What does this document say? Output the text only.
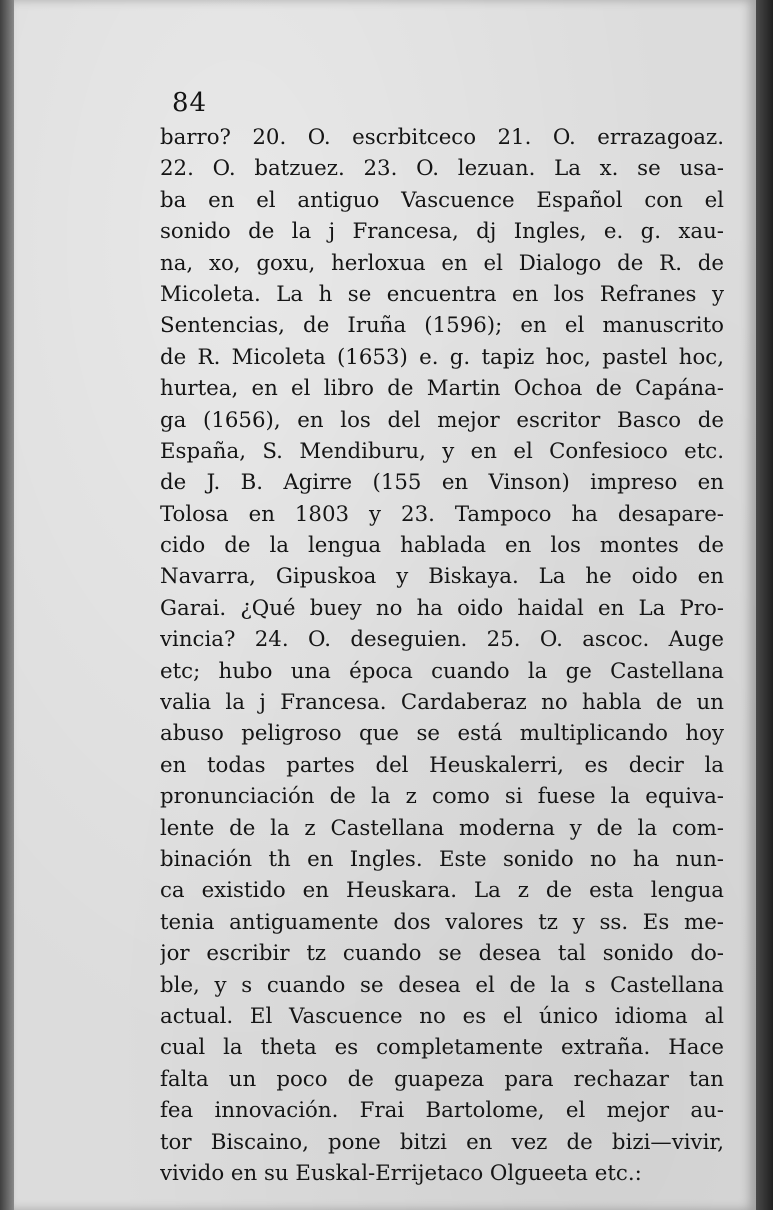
84
barro? 20. O. escrbitceco 21. O. errazagoaz.
22. O. batzuez. 23. O. lezuan. La x. se usa-
ba en el antiguo Vascuence Español con el
sonido de la j Francesa, dj Ingles, e. g. xau-
na, xo, goxu, herloxua en el Dialogo de R. de
Micoleta. La h se encuentra en los Refranes y
Sentencias, de Iruña (1596); en el manuscrito
de R. Micoleta (1653) e. g. tapiz hoc, pastel hoc,
hurtea, en el libro de Martin Ochoa de Capána-
ga (1656), en los del mejor escritor Basco de
España, S. Mendiburu, y en el Confesioco etc.
de J. B. Agirre (155 en Vinson) impreso en
Tolosa en 1803 y 23. Tampoco ha desapare-
cido de la lengua hablada en los montes de
Navarra, Gipuskoa y Biskaya. La he oido en
Garai. ¿Qué buey no ha oido haidal en La Pro-
vincia? 24. O. deseguien. 25. O. ascoc. Auge
etc; hubo una época cuando la ge Castellana
valia la j Francesa. Cardaberaz no habla de un
abuso peligroso que se está multiplicando hoy
en todas partes del Heuskalerri, es decir la
pronunciación de la z como si fuese la equiva-
lente de la z Castellana moderna y de la com-
binación th en Ingles. Este sonido no ha nun-
ca existido en Heuskara. La z de esta lengua
tenia antiguamente dos valores tz y ss. Es me-
jor escribir tz cuando se desea tal sonido do-
ble, y s cuando se desea el de la s Castellana
actual. El Vascuence no es el único idioma al
cual la theta es completamente extraña. Hace
falta un poco de guapeza para rechazar tan
fea innovación. Frai Bartolome, el mejor au-
tor Biscaino, pone bitzi en vez de bizi—vivir,
vivido en su Euskal-Errijetaco Olgueeta etc.:
